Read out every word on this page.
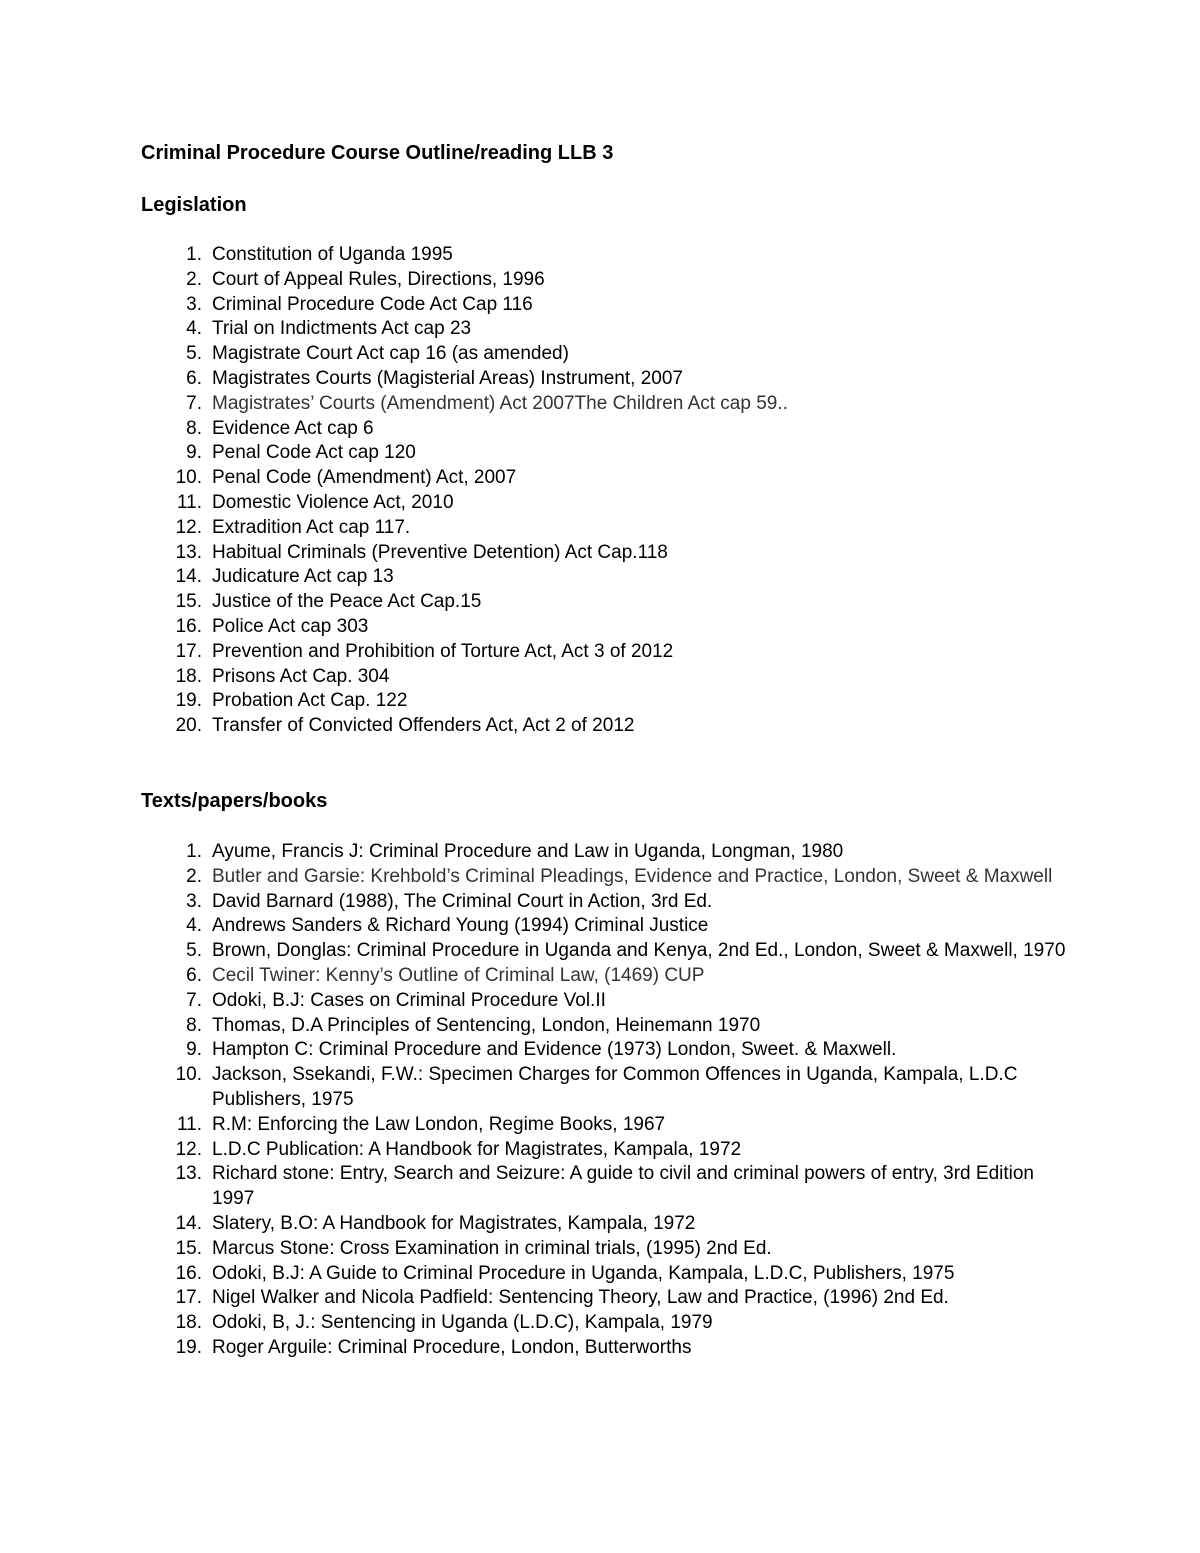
Criminal Procedure Course Outline/reading LLB 3
Legislation
1. Constitution of Uganda 1995
2. Court of Appeal Rules, Directions, 1996
3. Criminal Procedure Code Act Cap 116
4. Trial on Indictments Act cap 23
5. Magistrate Court Act cap 16 (as amended)
6. Magistrates Courts (Magisterial Areas) Instrument, 2007
7. Magistrates’ Courts (Amendment) Act 2007The Children Act cap 59..
8. Evidence Act cap 6
9. Penal Code Act cap 120
10. Penal Code (Amendment) Act, 2007
11. Domestic Violence Act, 2010
12. Extradition Act cap 117.
13. Habitual Criminals (Preventive Detention) Act Cap.118
14. Judicature Act cap 13
15. Justice of the Peace Act Cap.15
16. Police Act cap 303
17. Prevention and Prohibition of Torture Act, Act 3 of 2012
18. Prisons Act Cap. 304
19. Probation Act Cap. 122
20. Transfer of Convicted Offenders Act, Act 2 of 2012
Texts/papers/books
1. Ayume, Francis J: Criminal Procedure and Law in Uganda, Longman, 1980
2. Butler and Garsie: Krehbold’s Criminal Pleadings, Evidence and Practice, London, Sweet & Maxwell
3. David Barnard (1988), The Criminal Court in Action, 3rd Ed.
4. Andrews Sanders & Richard Young (1994) Criminal Justice
5. Brown, Donglas: Criminal Procedure in Uganda and Kenya, 2nd Ed., London, Sweet & Maxwell, 1970
6. Cecil Twiner: Kenny’s Outline of Criminal Law, (1469) CUP
7. Odoki, B.J: Cases on Criminal Procedure Vol.II
8. Thomas, D.A Principles of Sentencing, London, Heinemann 1970
9. Hampton C: Criminal Procedure and Evidence (1973) London, Sweet. & Maxwell.
10. Jackson, Ssekandi, F.W.: Specimen Charges for Common Offences in Uganda, Kampala, L.D.C Publishers, 1975
11. R.M: Enforcing the Law London, Regime Books, 1967
12. L.D.C Publication: A Handbook for Magistrates, Kampala, 1972
13. Richard stone: Entry, Search and Seizure: A guide to civil and criminal powers of entry, 3rd Edition 1997
14. Slatery, B.O: A Handbook for Magistrates, Kampala, 1972
15. Marcus Stone: Cross Examination in criminal trials, (1995) 2nd Ed.
16. Odoki, B.J: A Guide to Criminal Procedure in Uganda, Kampala, L.D.C, Publishers, 1975
17. Nigel Walker and Nicola Padfield: Sentencing Theory, Law and Practice, (1996) 2nd Ed.
18. Odoki, B, J.: Sentencing in Uganda (L.D.C), Kampala, 1979
19. Roger Arguile: Criminal Procedure, London, Butterworths
